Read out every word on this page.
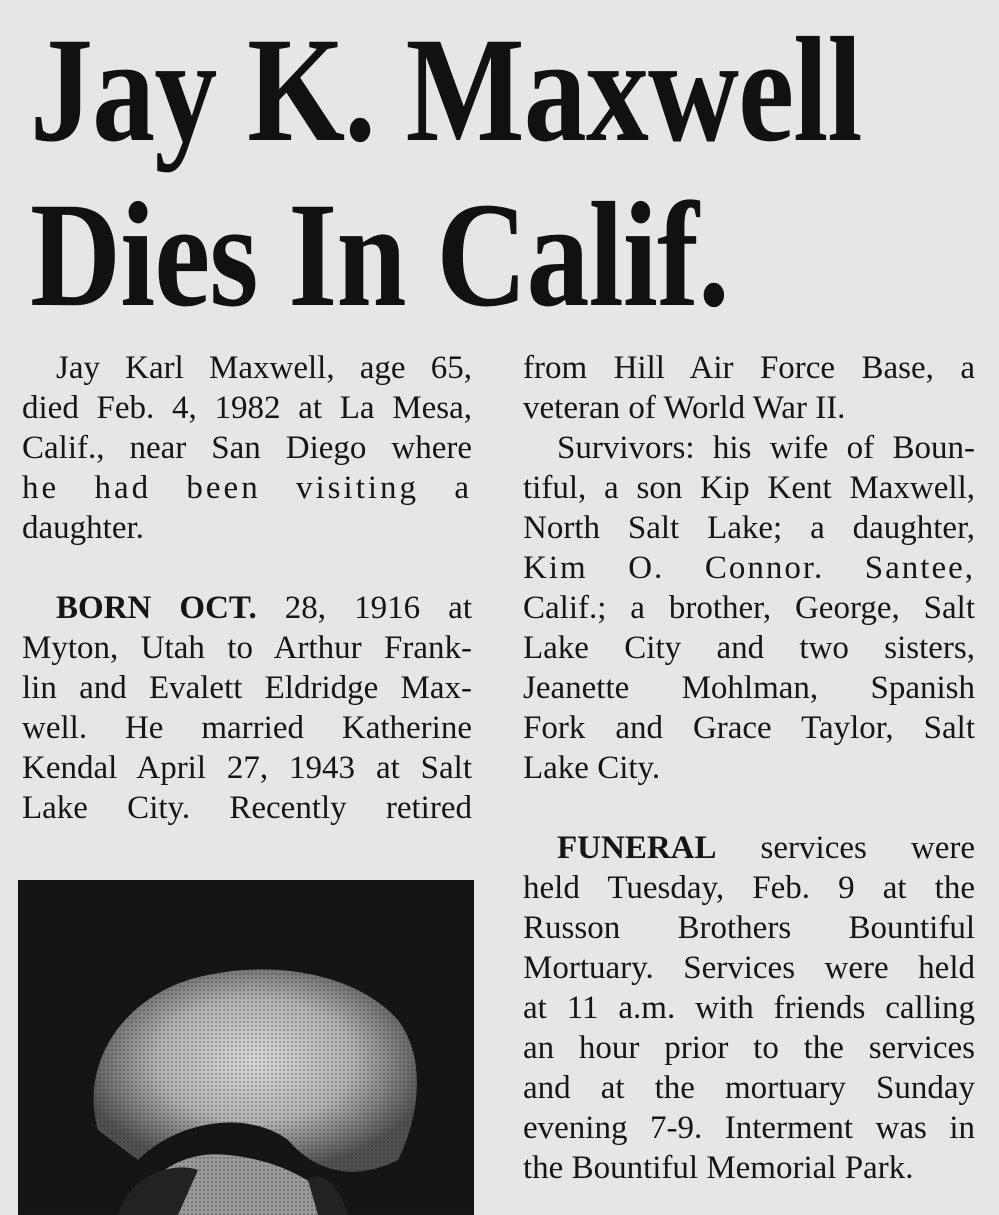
Jay K. Maxwell
Dies In Calif.

Jay Karl Maxwell, age 65,
died Feb. 4, 1982 at La Mesa,
Calif., near San Diego where
he had been visiting a
daughter.

BORN OCT. 28, 1916 at
Myton, Utah to Arthur Frank-
lin and Evalett Eldridge Max-
well. He married Katherine
Kendal April 27, 1943 at Salt
Lake City. Recently retired

from Hill Air Force Base, a
veteran of World War II.

Survivors: his wife of Boun-
tiful, a son Kip Kent Maxwell,
North Salt Lake; a daughter,
Kim O. Connor. Santee,
Calif.; a brother, George, Salt
Lake City and two sisters,
Jeanette Mohlman, Spanish
Fork and Grace Taylor, Salt
Lake City.

FUNERAL services were
held Tuesday, Feb. 9 at the
Russon Brothers Bountiful
Mortuary. Services were held
at 11 a.m. with friends calling
an hour prior to the services
and at the mortuary Sunday
evening 7-9. Interment was in
the Bountiful Memorial Park.
